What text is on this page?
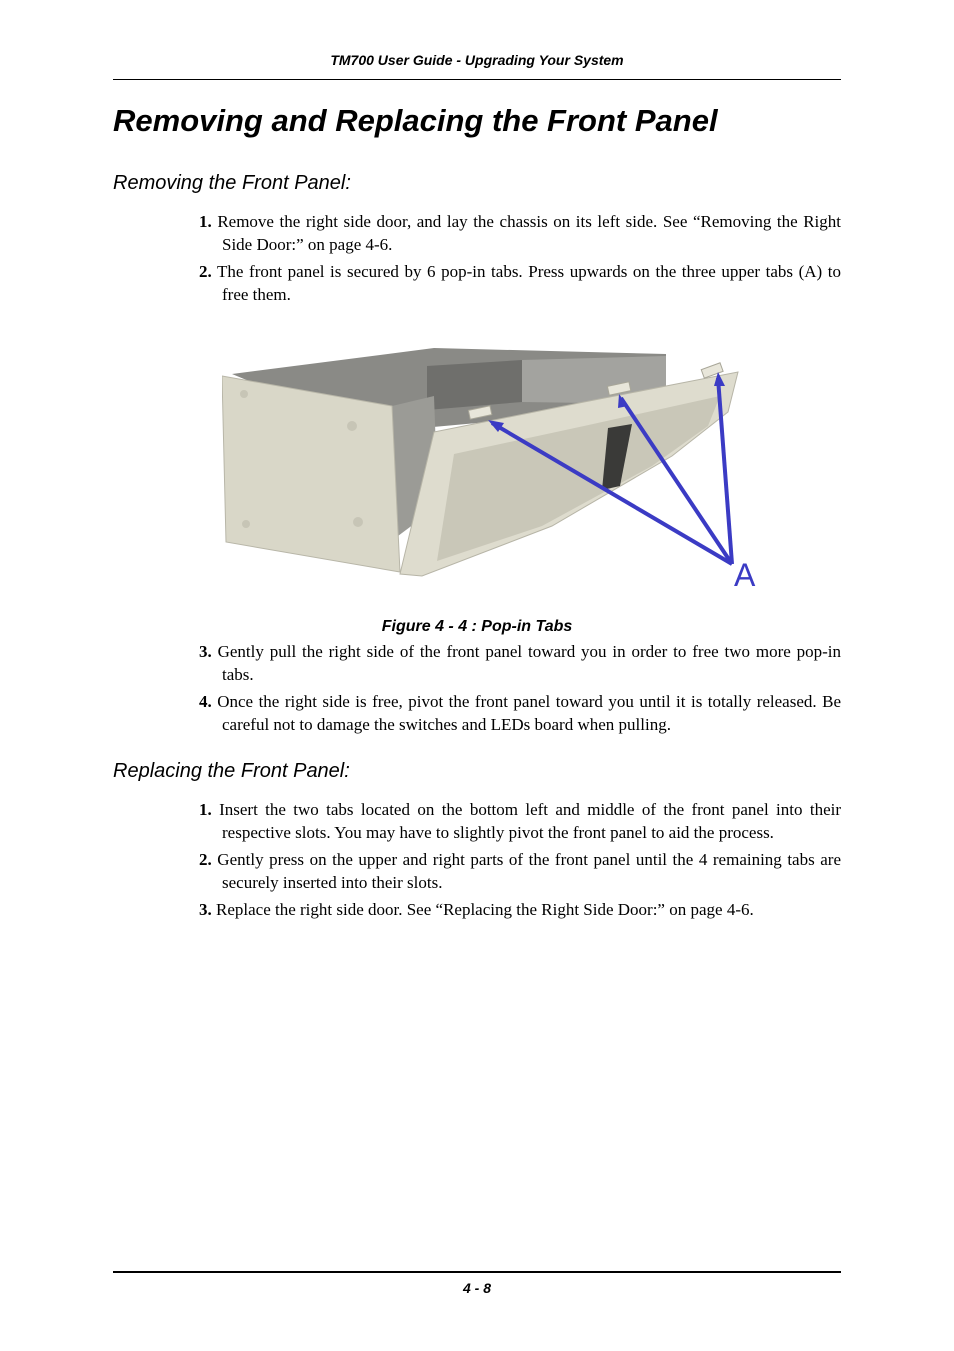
TM700 User Guide - Upgrading Your System
Removing and Replacing the Front Panel
Removing the Front Panel:

1. Remove the right side door, and lay the chassis on its left side. See “Removing the Right Side Door:” on page 4-6.

2. The front panel is secured by 6 pop-in tabs. Press upwards on the three upper tabs (A) to free them.

A
Figure 4 - 4 : Pop-in Tabs

3. Gently pull the right side of the front panel toward you in order to free two more pop-in tabs.

4. Once the right side is free, pivot the front panel toward you until it is totally released. Be careful not to damage the switches and LEDs board when pulling.

Replacing the Front Panel:

1. Insert the two tabs located on the bottom left and middle of the front panel into their respective slots. You may have to slightly pivot the front panel to aid the process.

2. Gently press on the upper and right parts of the front panel until the 4 remaining tabs are securely inserted into their slots.

3. Replace the right side door. See “Replacing the Right Side Door:” on page 4-6.

4 - 8
